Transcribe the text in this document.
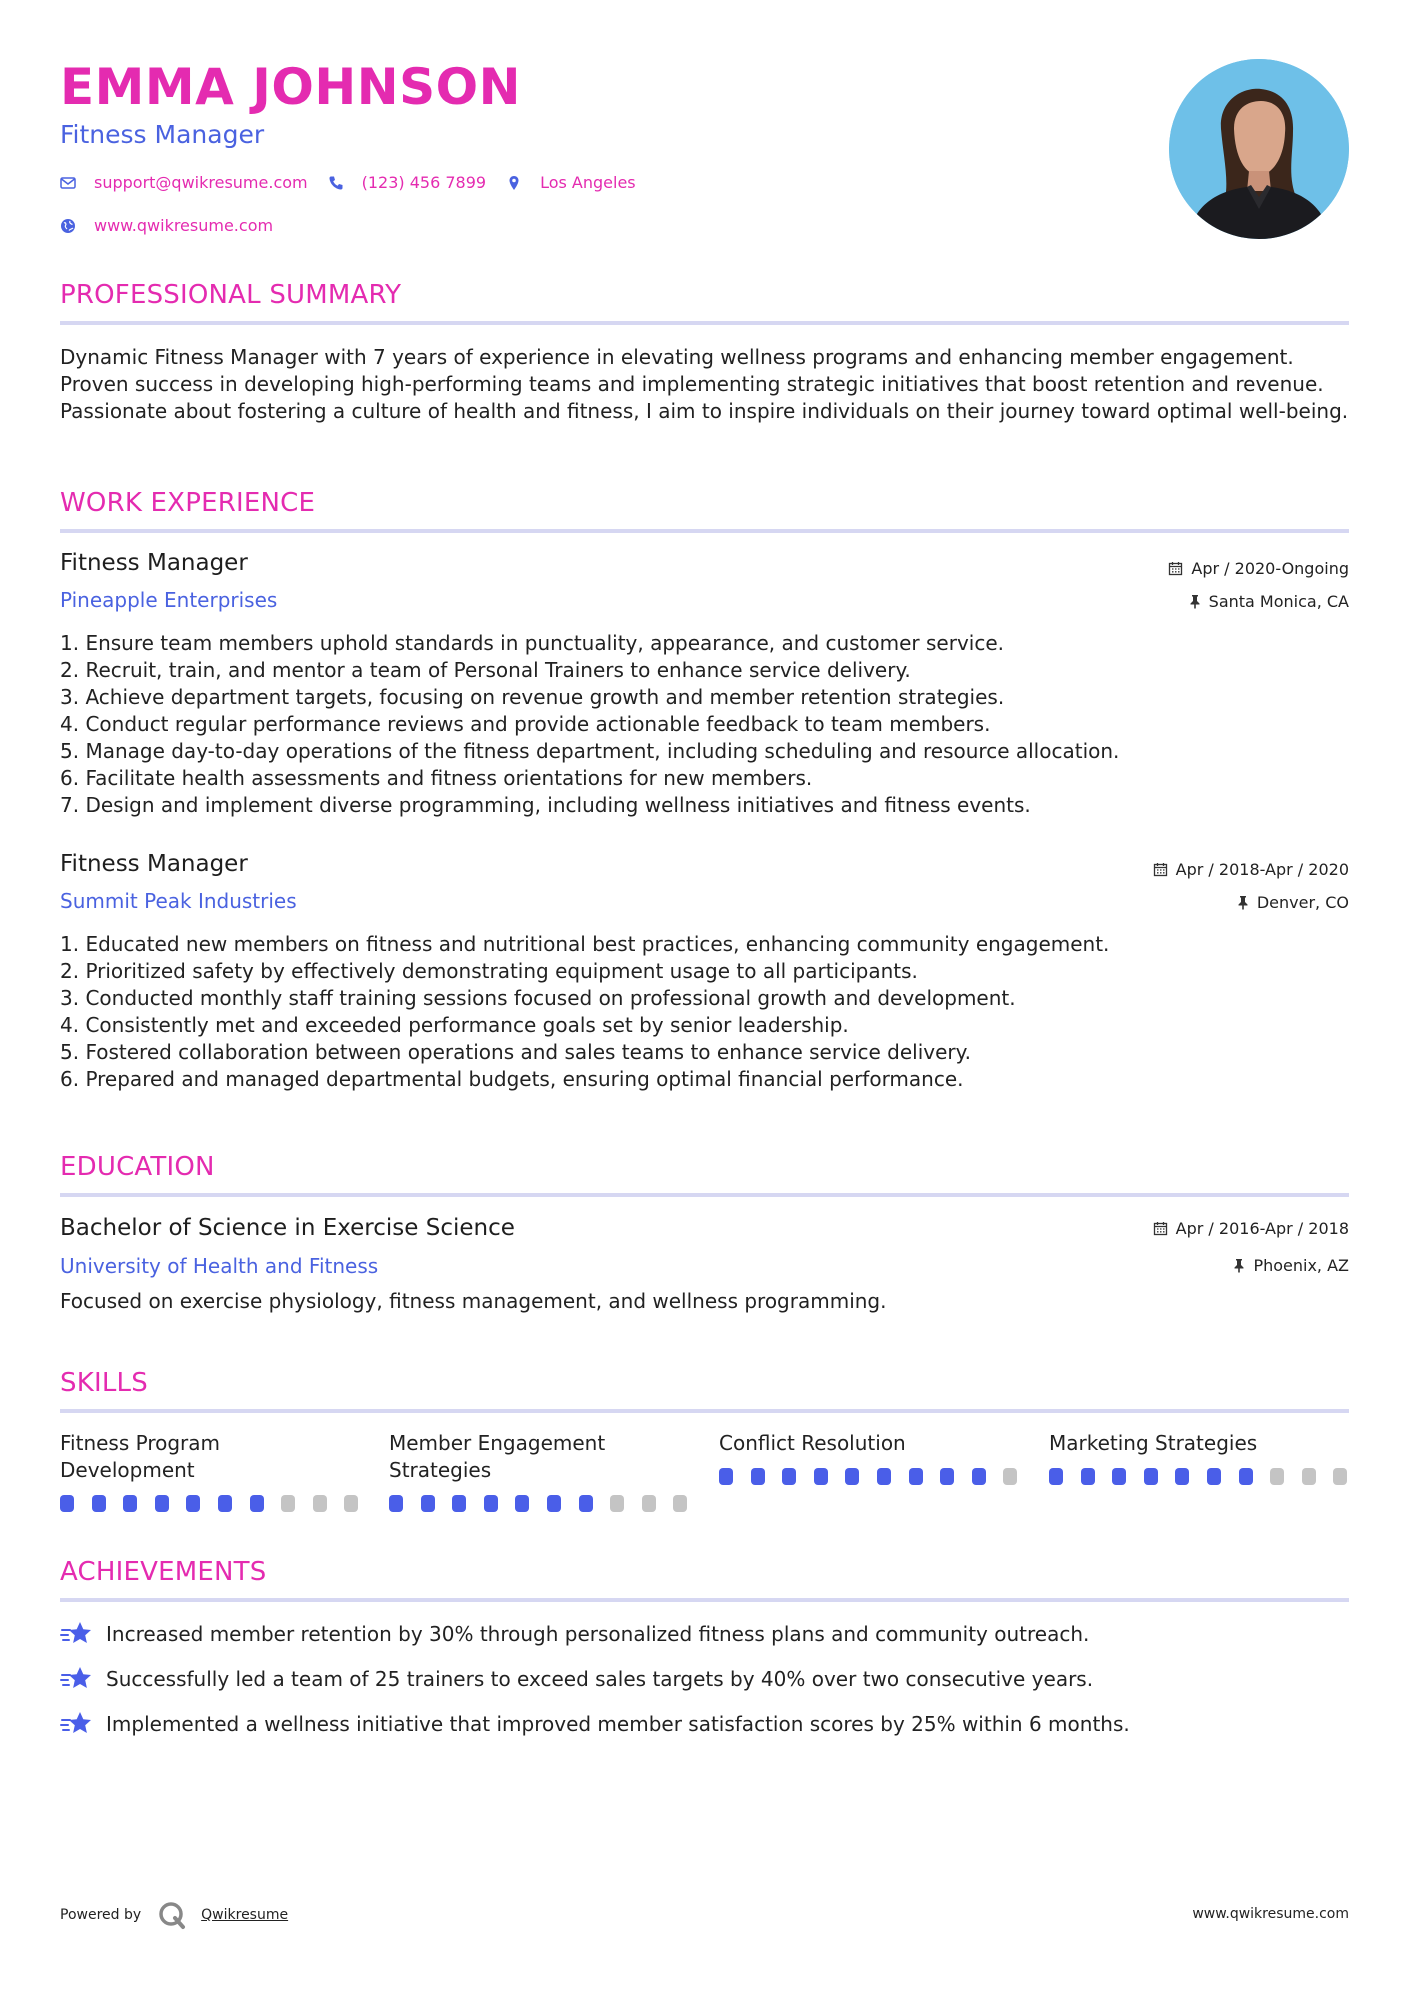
EMMA JOHNSON
Fitness Manager
support@qwikresume.com	(123) 456 7899	Los Angeles
www.qwikresume.com
PROFESSIONAL SUMMARY

Dynamic Fitness Manager with 7 years of experience in elevating wellness programs and enhancing member engagement. Proven success in developing high-performing teams and implementing strategic initiatives that boost retention and revenue. Passionate about fostering a culture of health and fitness, I aim to inspire individuals on their journey toward optimal well-being.

WORK EXPERIENCE
Fitness Manager	Apr / 2020-Ongoing
Pineapple Enterprises	Santa Monica, CA
1. Ensure team members uphold standards in punctuality, appearance, and customer service.
2. Recruit, train, and mentor a team of Personal Trainers to enhance service delivery.
3. Achieve department targets, focusing on revenue growth and member retention strategies.
4. Conduct regular performance reviews and provide actionable feedback to team members.
5. Manage day-to-day operations of the fitness department, including scheduling and resource allocation.
6. Facilitate health assessments and fitness orientations for new members.
7. Design and implement diverse programming, including wellness initiatives and fitness events.
Fitness Manager	Apr / 2018-Apr / 2020
Summit Peak Industries	Denver, CO
1. Educated new members on fitness and nutritional best practices, enhancing community engagement.
2. Prioritized safety by effectively demonstrating equipment usage to all participants.
3. Conducted monthly staff training sessions focused on professional growth and development.
4. Consistently met and exceeded performance goals set by senior leadership.
5. Fostered collaboration between operations and sales teams to enhance service delivery.
6. Prepared and managed departmental budgets, ensuring optimal financial performance.
EDUCATION
Bachelor of Science in Exercise Science	Apr / 2016-Apr / 2018
University of Health and Fitness	Phoenix, AZ
Focused on exercise physiology, fitness management, and wellness programming.
SKILLS
Fitness Program Development
Member Engagement Strategies
Conflict Resolution	Marketing Strategies
ACHIEVEMENTS
Increased member retention by 30% through personalized fitness plans and community outreach.
Successfully led a team of 25 trainers to exceed sales targets by 40% over two consecutive years.
Implemented a wellness initiative that improved member satisfaction scores by 25% within 6 months.
Powered by	Qwikresume	www.qwikresume.com
